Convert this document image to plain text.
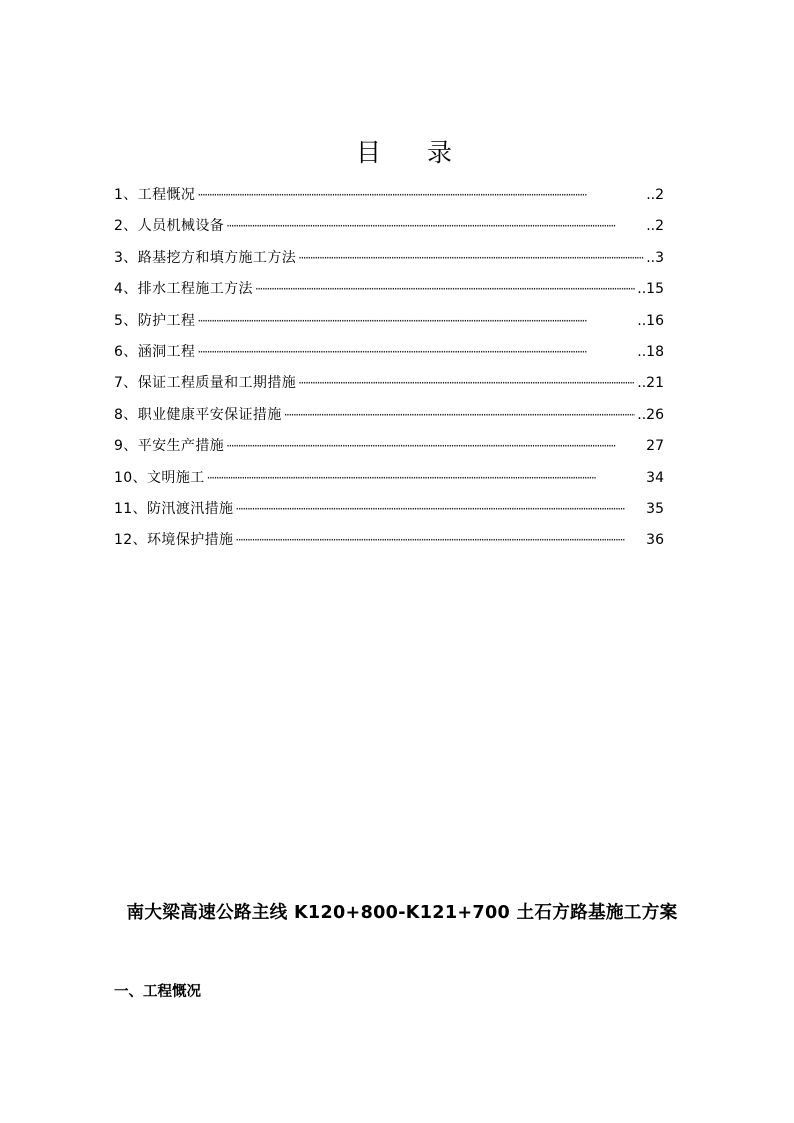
目 录
1、 工程慨况 ·····	..2
2、 人员机械设备 ·····	..2
3、 路基挖方和填方施工方法 ·····	..3
4、 排水工程施工方法 ·····	..15
5、 防护工程 ·····	..16
6、 涵洞工程 ·····	..18
7、 保证工程质量和工期措施 ·····	..21
8、 职业健康平安保证措施 ·····	..26
9、 平安生产措施 ·····	27
10、 文明施工 ·····	34
11、 防汛渡汛措施 ·····	35
12、 环境保护措施 ·····	36
南大梁高速公路主线 K120+800-K121+700 土石方路基施工方案
一、工程慨况
